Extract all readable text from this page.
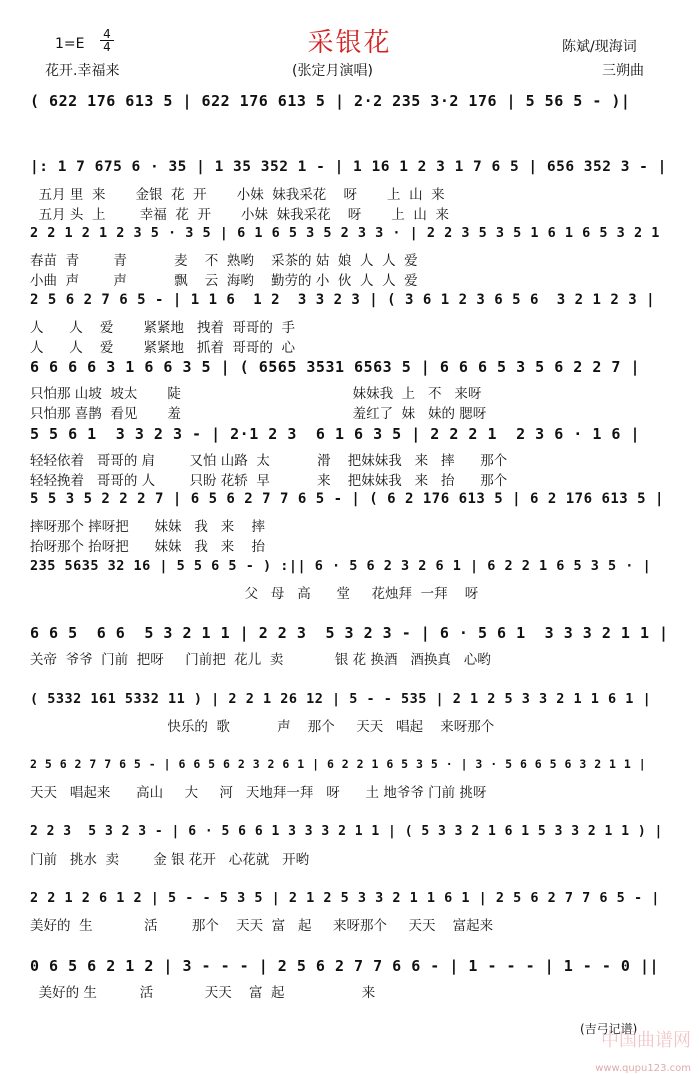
采银花
1=E
4
4
花开.幸福来	(张定月演唱)
陈斌/现海词
三朔曲
( 622 176 613 5 | 622 176 613 5 | 2·2 235 3·2 176 | 5 56 5 - )|
|: 1 7 675 6 · 35 | 1 35 352 1 - | 1 16 1 2 3 1 7 6 5 | 656 352 3 - |
五月 里  来       金银  花  开       小妹  妹我采花    呀       上  山  来
五月 头  上        幸福  花  开       小妹  妹我采花    呀       上  山  来
2 2 1 2 1 2 3 5 · 3 5 | 6 1 6 5 3 5 2 3 3 · | 2 2 3 5 3 5 1 6 1 6 5 3 2 1
春苗  青        青           麦    不  熟哟    采茶的 姑  娘  人  人  爱
小曲  声        声           飘    云  海哟    勤劳的 小  伙  人  人  爱
2 5 6 2 7 6 5 - | 1 1 6  1 2  3 3 2 3 | ( 3 6 1 2 3 6 5 6  3 2 1 2 3 |
人      人    爱       紧紧地   拽着  哥哥的  手
人      人    爱       紧紧地   抓着  哥哥的  心
6 6 6 6 3 1 6 6 3 5 | ( 6565 3531 6563 5 | 6 6 6 5 3 5 6 2 2 7 |
只怕那 山坡  坡太       陡                                        妹妹我  上   不   来呀
只怕那 喜鹊  看见       羞                                        羞红了  妹   妹的 腮呀
5 5 6 1  3 3 2 3 - | 2·1 2 3  6 1 6 3 5 | 2 2 2 1  2 3 6 · 1 6 |
轻轻依着   哥哥的 肩        又怕 山路  太           滑    把妹妹我   来   摔      那个
轻轻挽着   哥哥的 人        只盼 花轿  早           来    把妹妹我   来   抬      那个
5 5 3 5 2 2 2 7 | 6 5 6 2 7 7 6 5 - | ( 6 2 176 613 5 | 6 2 176 613 5 |
摔呀那个 摔呀把      妹妹   我   来    摔
抬呀那个 抬呀把      妹妹   我   来    抬
235 5635 32 16 | 5 5 6 5 - ) :|| 6 · 5 6 2 3 2 6 1 | 6 2 2 1 6 5 3 5 · |
父   母   高      堂     花烛拜  一拜    呀
6 6 5  6 6  5 3 2 1 1 | 2 2 3  5 3 2 3 - | 6 · 5 6 1  3 3 3 2 1 1 |
关帝  爷爷  门前  把呀     门前把  花儿  卖            银 花 换酒   酒换真   心哟
( 5332 161 5332 11 ) | 2 2 1 26 12 | 5 - - 535 | 2 1 2 5 3 3 2 1 1 6 1 |
快乐的  歌           声    那个     天天   唱起    来呀那个
2 5 6 2 7 7 6 5 - | 6 6 5 6 2 3 2 6 1 | 6 2 2 1 6 5 3 5 · | 3 · 5 6 6 5 6 3 2 1 1 |
天天   唱起来      高山     大     河   天地拜一拜   呀      土 地爷爷 门前 挑呀
2 2 3  5 3 2 3 - | 6 · 5 6 6 1 3 3 3 2 1 1 | ( 5 3 3 2 1 6 1 5 3 3 2 1 1 ) |
门前   挑水  卖        金 银 花开   心花就   开哟
2 2 1 2 6 1 2 | 5 - - 5 3 5 | 2 1 2 5 3 3 2 1 1 6 1 | 2 5 6 2 7 7 6 5 - |
美好的  生            活        那个    天天  富   起     来呀那个     天天    富起来
0 6 5 6 2 1 2 | 3 - - - | 2 5 6 2 7 7 6 6 - | 1 - - - | 1 - - 0 ||
美好的 生          活            天天    富  起                  来
(吉弓记谱)
中国曲谱网
www.qupu123.com
